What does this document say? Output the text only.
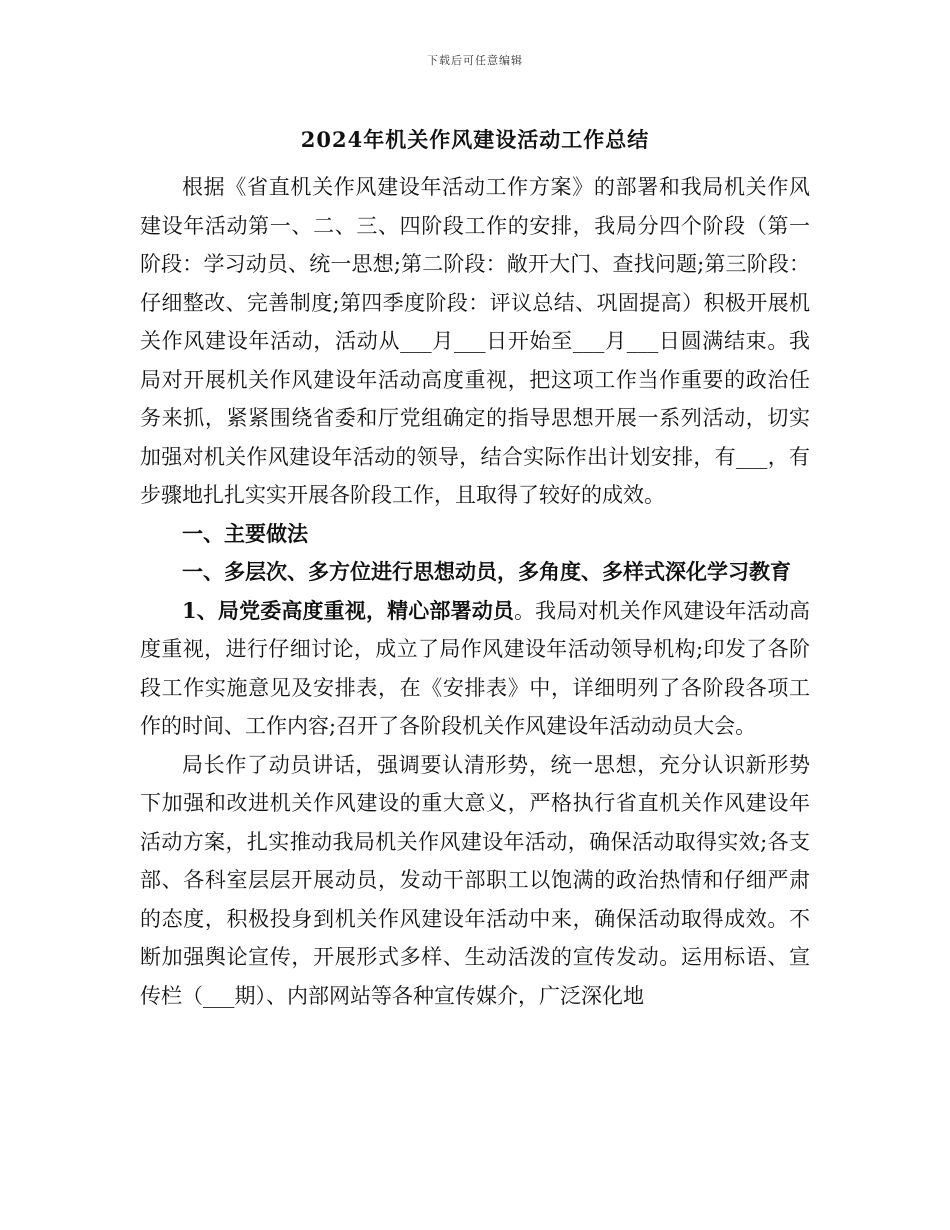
下载后可任意编辑
2024年机关作风建设活动工作总结

根据《省直机关作风建设年活动工作方案》的部署和我局机关作风建设年活动第一、二、三、四阶段工作的安排，我局分四个阶段（第一阶段：学习动员、统一思想;第二阶段：敞开大门、查找问题;第三阶段：仔细整改、完善制度;第四季度阶段：评议总结、巩固提高）积极开展机关作风建设年活动，活动从___月___日开始至___月___日圆满结束。我局对开展机关作风建设年活动高度重视，把这项工作当作重要的政治任务来抓，紧紧围绕省委和厅党组确定的指导思想开展一系列活动，切实加强对机关作风建设年活动的领导，结合实际作出计划安排，有___，有步骤地扎扎实实开展各阶段工作，且取得了较好的成效。

一、主要做法

一、多层次、多方位进行思想动员，多角度、多样式深化学习教育

1、局党委高度重视，精心部署动员。我局对机关作风建设年活动高度重视，进行仔细讨论，成立了局作风建设年活动领导机构;印发了各阶段工作实施意见及安排表，在《安排表》中，详细明列了各阶段各项工作的时间、工作内容;召开了各阶段机关作风建设年活动动员大会。

局长作了动员讲话，强调要认清形势，统一思想，充分认识新形势下加强和改进机关作风建设的重大意义，严格执行省直机关作风建设年活动方案，扎实推动我局机关作风建设年活动，确保活动取得实效;各支部、各科室层层开展动员，发动干部职工以饱满的政治热情和仔细严肃的态度，积极投身到机关作风建设年活动中来，确保活动取得成效。不断加强舆论宣传，开展形式多样、生动活泼的宣传发动。运用标语、宣传栏（___期）、内部网站等各种宣传媒介，广泛深化地
